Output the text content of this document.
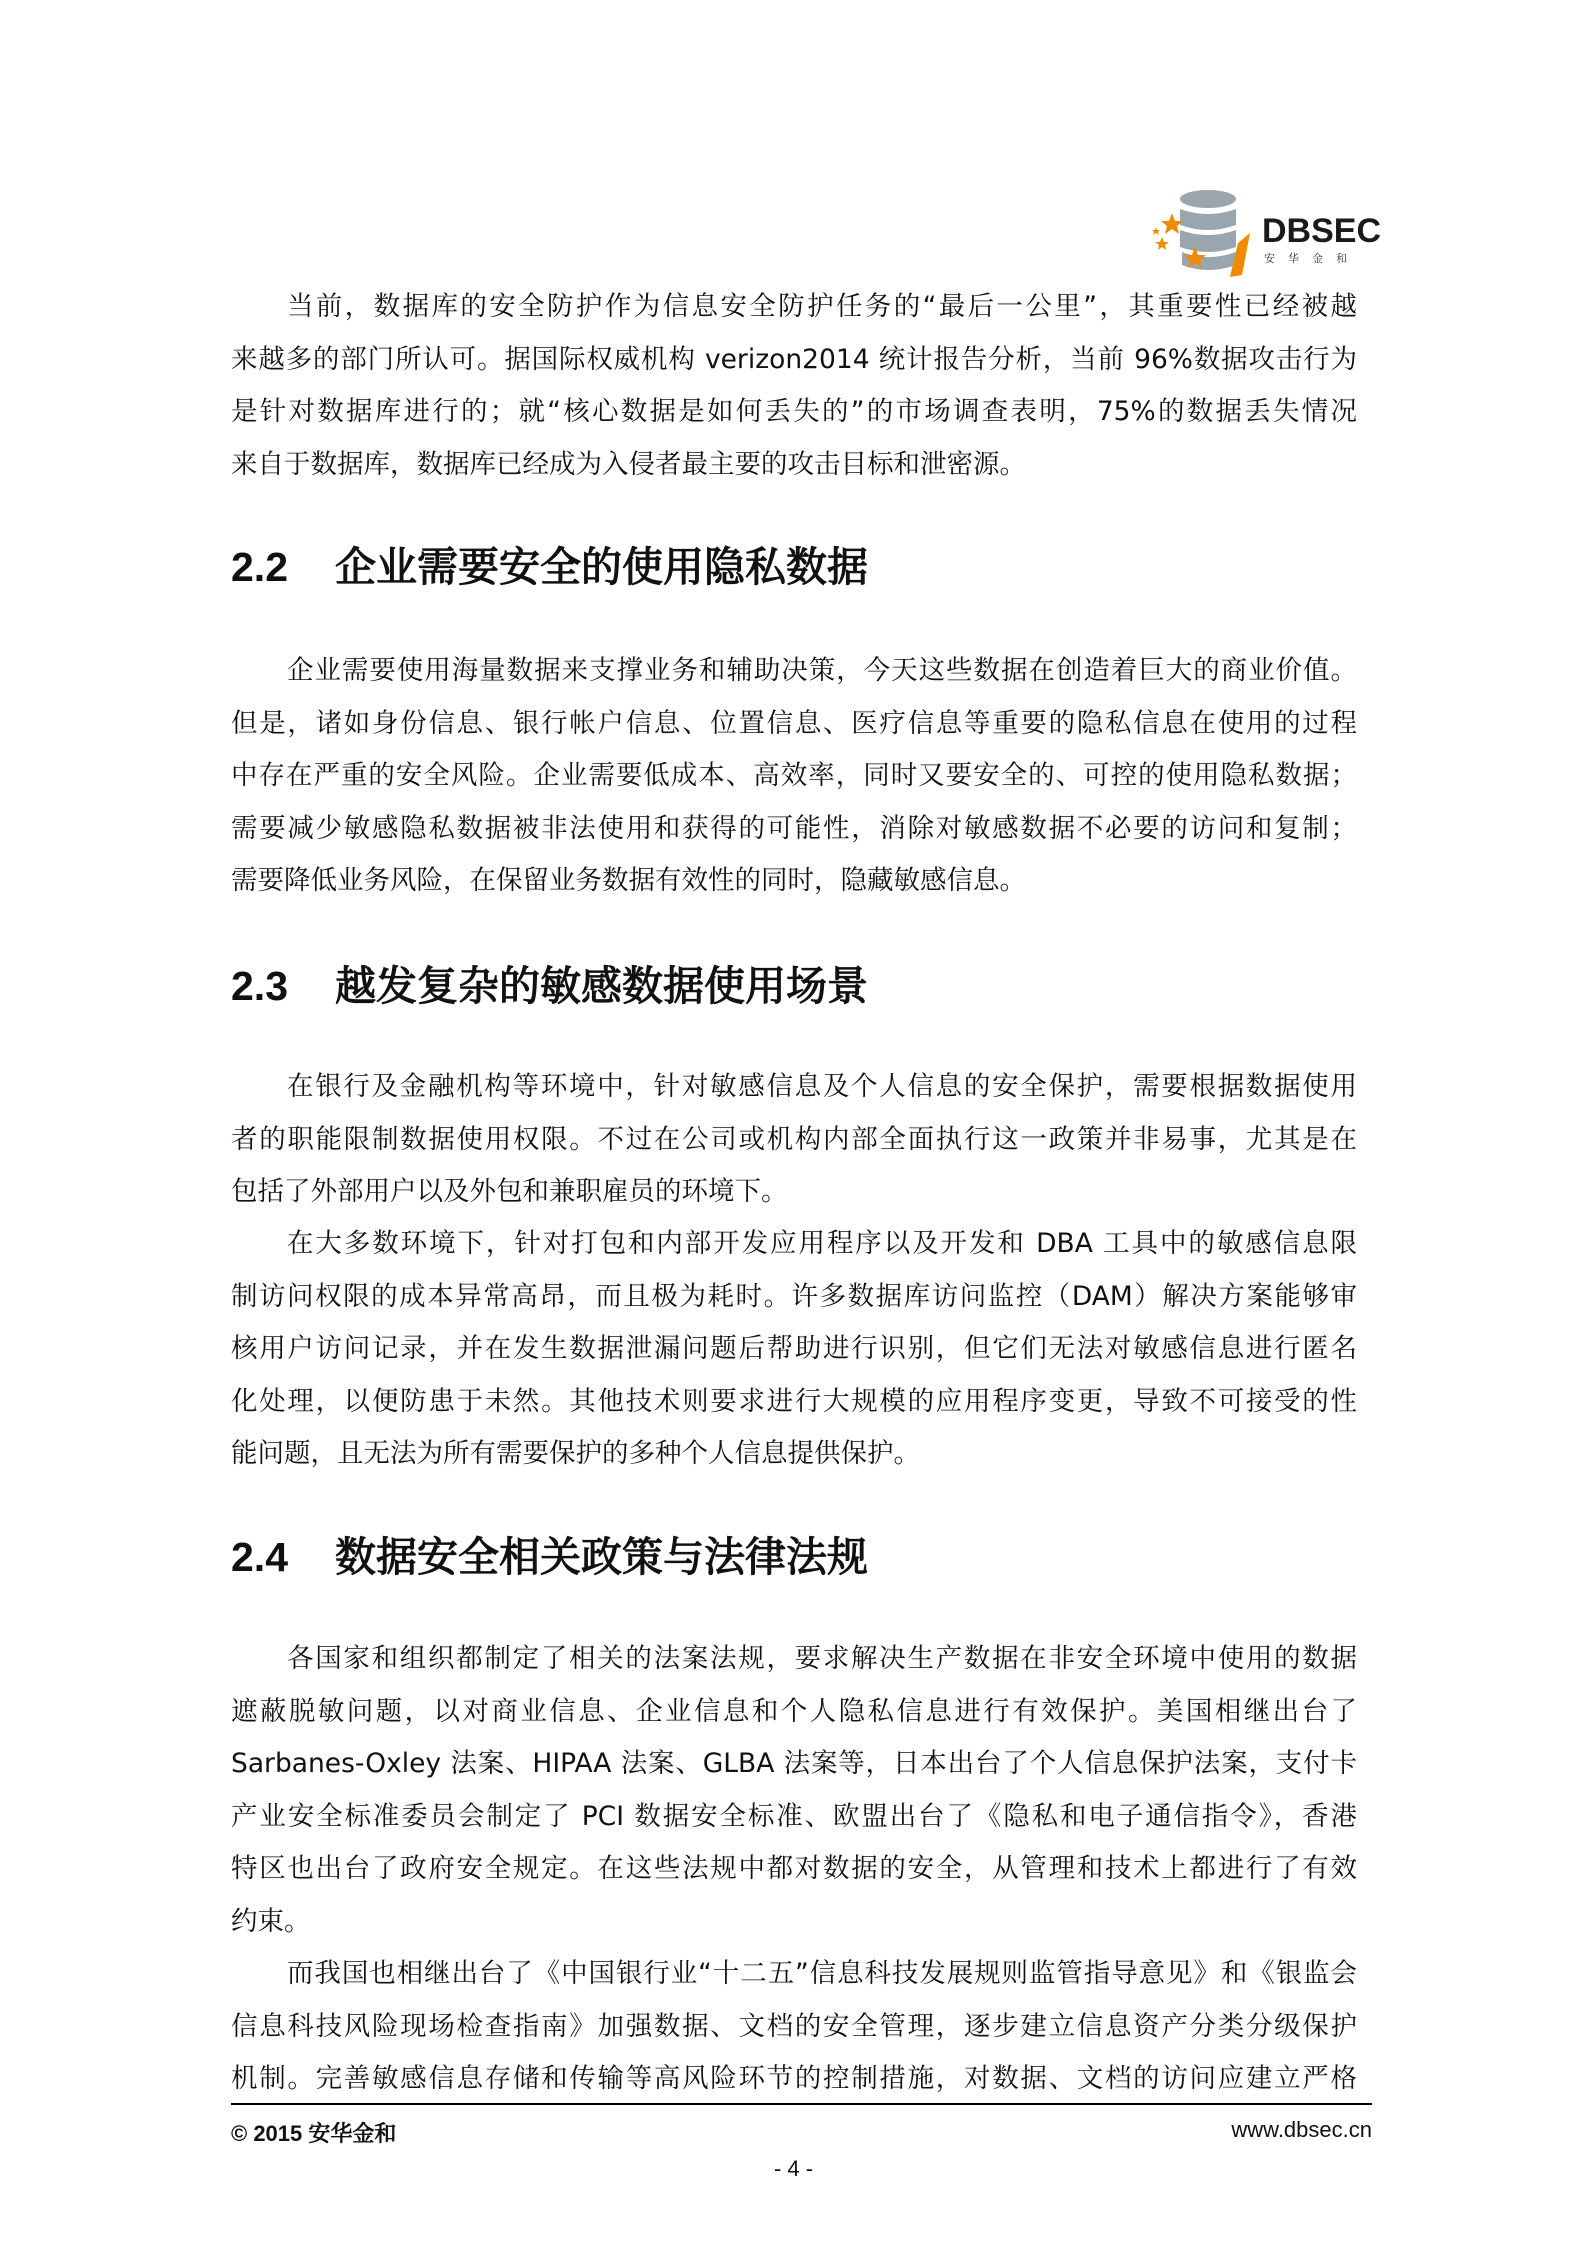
DBSEC
安华金和
当前，数据库的安全防护作为信息安全防护任务的“最后一公里”，其重要性已经被越
来越多的部门所认可。据国际权威机构 verizon2014 统计报告分析，当前 96%数据攻击行为
是针对数据库进行的；就“核心数据是如何丢失的”的市场调查表明，75%的数据丢失情况
来自于数据库，数据库已经成为入侵者最主要的攻击目标和泄密源。
2.2 企业需要安全的使用隐私数据
企业需要使用海量数据来支撑业务和辅助决策，今天这些数据在创造着巨大的商业价值。
但是，诸如身份信息、银行帐户信息、位置信息、医疗信息等重要的隐私信息在使用的过程
中存在严重的安全风险。企业需要低成本、高效率，同时又要安全的、可控的使用隐私数据；
需要减少敏感隐私数据被非法使用和获得的可能性，消除对敏感数据不必要的访问和复制；
需要降低业务风险，在保留业务数据有效性的同时，隐藏敏感信息。
2.3 越发复杂的敏感数据使用场景
在银行及金融机构等环境中，针对敏感信息及个人信息的安全保护，需要根据数据使用
者的职能限制数据使用权限。不过在公司或机构内部全面执行这一政策并非易事，尤其是在
包括了外部用户以及外包和兼职雇员的环境下。
在大多数环境下，针对打包和内部开发应用程序以及开发和 DBA 工具中的敏感信息限
制访问权限的成本异常高昂，而且极为耗时。许多数据库访问监控（DAM）解决方案能够审
核用户访问记录，并在发生数据泄漏问题后帮助进行识别，但它们无法对敏感信息进行匿名
化处理，以便防患于未然。其他技术则要求进行大规模的应用程序变更，导致不可接受的性
能问题，且无法为所有需要保护的多种个人信息提供保护。
2.4 数据安全相关政策与法律法规
各国家和组织都制定了相关的法案法规，要求解决生产数据在非安全环境中使用的数据
遮蔽脱敏问题，以对商业信息、企业信息和个人隐私信息进行有效保护。美国相继出台了
Sarbanes-Oxley 法案、HIPAA 法案、GLBA 法案等，日本出台了个人信息保护法案，支付卡
产业安全标准委员会制定了 PCI 数据安全标准、欧盟出台了《隐私和电子通信指令》，香港
特区也出台了政府安全规定。在这些法规中都对数据的安全，从管理和技术上都进行了有效
约束。
而我国也相继出台了《中国银行业“十二五”信息科技发展规则监管指导意见》和《银监会
信息科技风险现场检查指南》加强数据、文档的安全管理，逐步建立信息资产分类分级保护
机制。完善敏感信息存储和传输等高风险环节的控制措施，对数据、文档的访问应建立严格
© 2015 安华金和	www.dbsec.cn
- 4 -
